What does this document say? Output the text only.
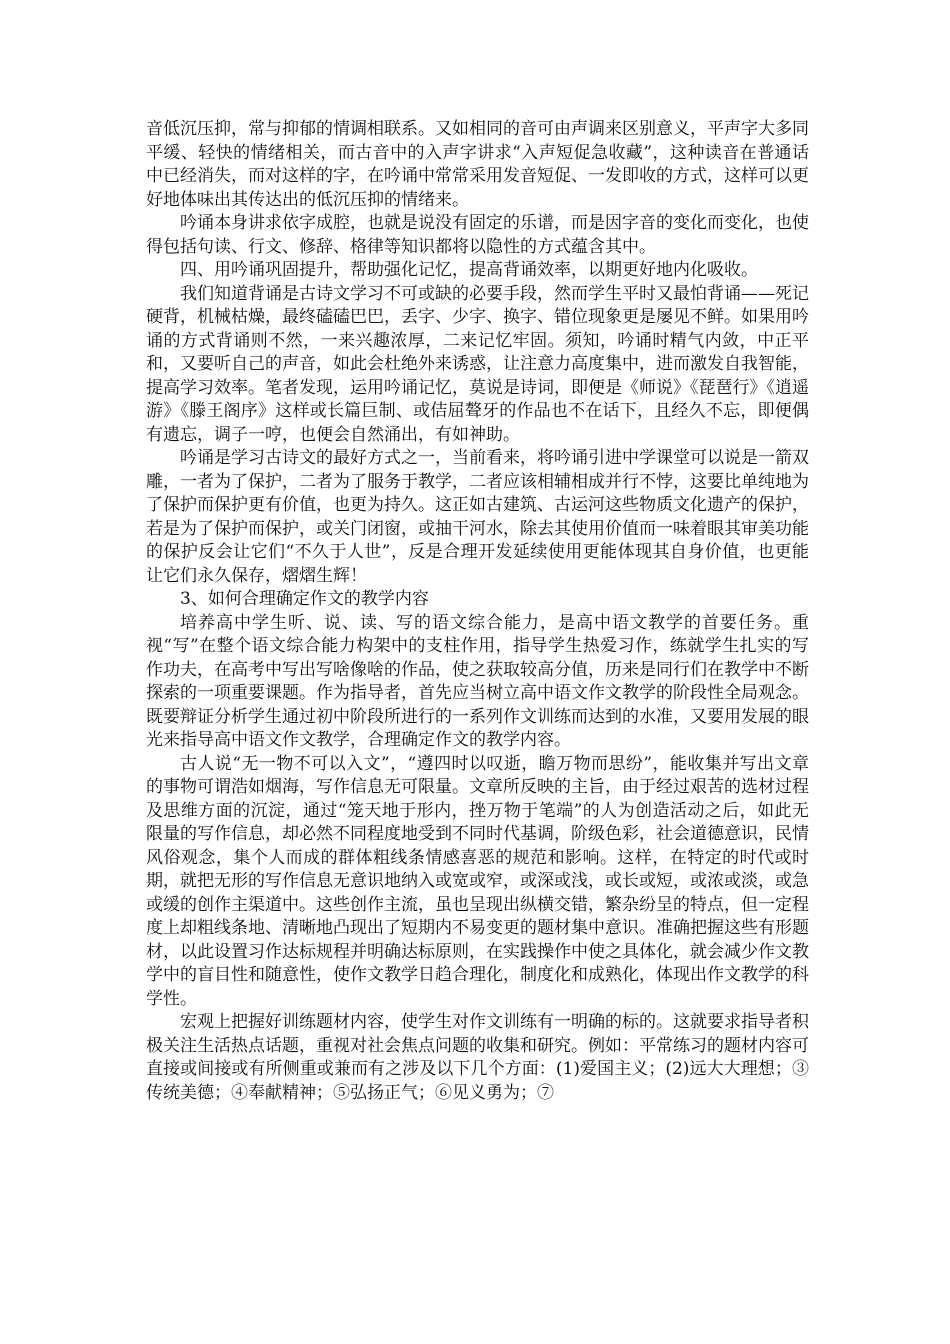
音低沉压抑，常与抑郁的情调相联系。又如相同的音可由声调来区别意义，平声字大多同平缓、轻快的情绪相关，而古音中的入声字讲求“入声短促急收藏”，这种读音在普通话中已经消失，而对这样的字，在吟诵中常常采用发音短促、一发即收的方式，这样可以更好地体味出其传达出的低沉压抑的情绪来。

吟诵本身讲求依字成腔，也就是说没有固定的乐谱，而是因字音的变化而变化，也使得包括句读、行文、修辞、格律等知识都将以隐性的方式蕴含其中。

四、用吟诵巩固提升，帮助强化记忆，提高背诵效率，以期更好地内化吸收。

我们知道背诵是古诗文学习不可或缺的必要手段，然而学生平时又最怕背诵——死记硬背，机械枯燥，最终磕磕巴巴，丢字、少字、换字、错位现象更是屡见不鲜。如果用吟诵的方式背诵则不然，一来兴趣浓厚，二来记忆牢固。须知，吟诵时精气内敛，中正平和，又要听自己的声音，如此会杜绝外来诱惑，让注意力高度集中，进而激发自我智能，提高学习效率。笔者发现，运用吟诵记忆，莫说是诗词，即便是《师说》《琵琶行》《逍遥游》《滕王阁序》这样或长篇巨制、或佶屈聱牙的作品也不在话下，且经久不忘，即便偶有遗忘，调子一哼，也便会自然涌出，有如神助。

吟诵是学习古诗文的最好方式之一，当前看来，将吟诵引进中学课堂可以说是一箭双雕，一者为了保护，二者为了服务于教学，二者应该相辅相成并行不悖，这要比单纯地为了保护而保护更有价值，也更为持久。这正如古建筑、古运河这些物质文化遗产的保护，若是为了保护而保护，或关门闭窗，或抽干河水，除去其使用价值而一味着眼其审美功能的保护反会让它们“不久于人世”，反是合理开发延续使用更能体现其自身价值，也更能让它们永久保存，熠熠生辉！

3、如何合理确定作文的教学内容

培养高中学生听、说、读、写的语文综合能力，是高中语文教学的首要任务。重视“写”在整个语文综合能力构架中的支柱作用，指导学生热爱习作，练就学生扎实的写作功夫，在高考中写出写啥像啥的作品，使之获取较高分值，历来是同行们在教学中不断探索的一项重要课题。作为指导者，首先应当树立高中语文作文教学的阶段性全局观念。既要辩证分析学生通过初中阶段所进行的一系列作文训练而达到的水准，又要用发展的眼光来指导高中语文作文教学，合理确定作文的教学内容。

古人说“无一物不可以入文”，“遵四时以叹逝，瞻万物而思纷”，能收集并写出文章的事物可谓浩如烟海，写作信息无可限量。文章所反映的主旨，由于经过艰苦的选材过程及思维方面的沉淀，通过“笼天地于形内，挫万物于笔端”的人为创造活动之后，如此无限量的写作信息，却必然不同程度地受到不同时代基调，阶级色彩，社会道德意识，民情风俗观念，集个人而成的群体粗线条情感喜恶的规范和影响。这样，在特定的时代或时期，就把无形的写作信息无意识地纳入或宽或窄，或深或浅，或长或短，或浓或淡，或急或缓的创作主渠道中。这些创作主流，虽也呈现出纵横交错，繁杂纷呈的特点，但一定程度上却粗线条地、清晰地凸现出了短期内不易变更的题材集中意识。准确把握这些有形题材，以此设置习作达标规程并明确达标原则，在实践操作中使之具体化，就会减少作文教学中的盲目性和随意性，使作文教学日趋合理化，制度化和成熟化，体现出作文教学的科学性。

宏观上把握好训练题材内容，使学生对作文训练有一明确的标的。这就要求指导者积极关注生活热点话题，重视对社会焦点问题的收集和研究。例如：平常练习的题材内容可直接或间接或有所侧重或兼而有之涉及以下几个方面：(1)爱国主义；(2)远大大理想；③传统美德；④奉献精神；⑤弘扬正气；⑥见义勇为；⑦
